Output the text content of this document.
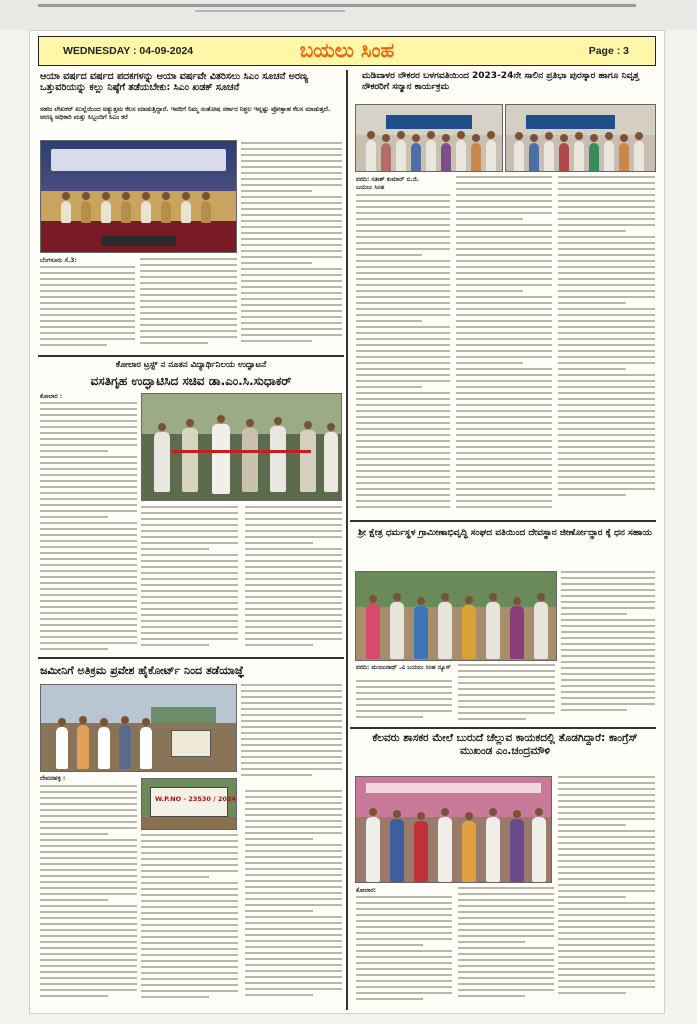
WEDNESDAY : 04-09-2024	ಬಯಲು ಸಿಂಹ	Page : 3
ಆಯಾ ವರ್ಷದ ವರ್ಷದ ಪದಕಗಳನ್ನು ಆಯಾ ವರ್ಷವೇ ವಿತರಿಸಲು ಸಿಎಂ ಸೂಚನೆ ಅರಣ್ಯ ಒತ್ತುವರಿಯನ್ನು ಕಲ್ಲು ನಿಷ್ಠೆಗೆ ತಡೆಯಬೇಕು: ಸಿಎಂ ಖಡಕ್ ಸೂಚನೆ
ಸಹಜ ಲೇಖಕರ್ ಖುಲ್ಲೆಯಿಂದ ಅತ್ಯುತ್ತಮ ಕೆಲಸ ಮಾಡುತ್ತಿದ್ದಾರೆ. ಇವರಿಗೆ ನಿಮ್ಮ ಸಂತೋಷ ಸರ್ಕಾರ ನಿಶ್ಚಲ ಇನ್ನಷ್ಟು ಪ್ರೋತ್ಸಾಹ ಕೆಲಸ ಮಾಡುತ್ತದೆ. ಅರಣ್ಯ ಅಧಿಕಾರಿ ಮತ್ತು ಸಿಬ್ಬಂದಿಗೆ ಸಿಎಂ ಕರೆ
ಬೆಂಗಳೂರು ಸೆ.3:
ಮಡಿವಾಳರ ನೌಕರರ ಬಳಗವತಿಯಿಂದ 2023-24ನೇ ಸಾಲಿನ ಪ್ರತಿಭಾ ಪುರಸ್ಕಾರ ಹಾಗೂ ನಿವೃತ್ತ ನೌಕರರಿಗೆ ಸನ್ಮಾನ ಕಾರ್ಯಕ್ರಮ
ವರದಿ: ಸತೀಶ್ ಕುಮಾರ್ ಬಿ.ಜಿ.
ಬಯಲು ಸಿಂಹ
ಕೋಲಾರ ಟ್ರಸ್ಟ್ ನ ನೂತನ ವಿದ್ಯಾರ್ಥಿನಿಲಯ ಉದ್ಘಾಟನೆ
ವಸತಿಗೃಹ ಉದ್ಘಾಟಿಸಿದ ಸಚಿವ ಡಾ.ಎಂ.ಸಿ.ಸುಧಾಕರ್
ಕೋಲಾರ :
ಶ್ರೀ ಕ್ಷೇತ್ರ ಧರ್ಮಸ್ಥಳ ಗ್ರಾಮೀಣಾಭಿವೃದ್ಧಿ ಸಂಘದ ವತಿಯಿಂದ ದೇವಸ್ಥಾನ ಜೀರ್ಣೋದ್ಧಾರ ಕ್ಕೆ ಧನ ಸಹಾಯ
ವರದಿ: ಮಂಜುನಾಥ್ .ವಿ ಬಯಲು ಸಿಂಹ ನ್ಯೂಸ್
ಜಮೀನಿಗೆ ಅತಿಕ್ರಮ ಪ್ರವೇಶ ಹೈಕೋರ್ಟ್ ನಿಂದ ತಡೆಯಾಜ್ಞೆ
ದೇವನಹಳ್ಳಿ :
W.P.NO - 23530 / 2024
ಕೆಲವರು ಶಾಸಕರ ಮೇಲೆ ಬುರುದೆ ಚೆಲ್ಲುವ ಕಾಯಕದಲ್ಲಿ ತೊಡಗಿದ್ದಾರೆ: ಕಾಂಗ್ರೆಸ್ ಮುಖಂಡ ಎಂ.ಚಂದ್ರಮೌಳಿ
ಕೋಲಾರ:
